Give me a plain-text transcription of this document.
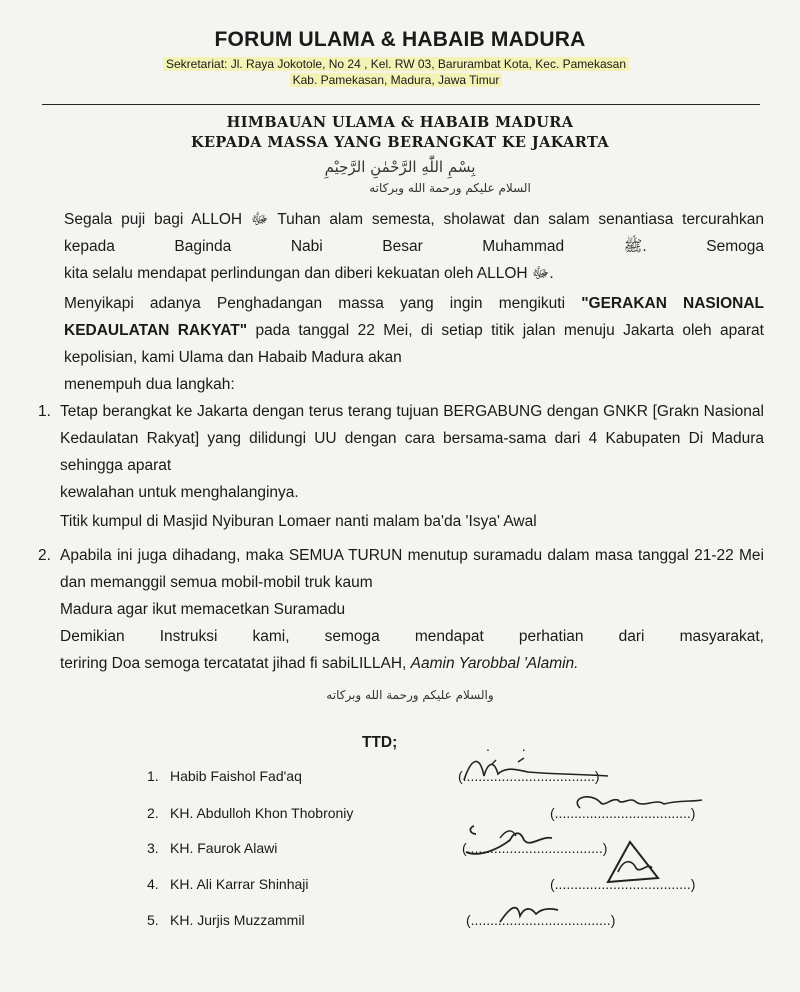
FORUM ULAMA & HABAIB MADURA
Sekretariat: Jl. Raya Jokotole, No 24 , Kel. RW 03, Barurambat Kota, Kec. Pamekasan
Kab. Pamekasan, Madura, Jawa Timur
HIMBAUAN ULAMA & HABAIB MADURA
KEPADA MASSA YANG BERANGKAT KE JAKARTA
بِسْمِ اللّٰهِ الرَّحْمٰنِ الرَّحِيْمِ
السلام عليكم ورحمة الله وبركاته
Segala puji bagi ALLOH ﷻ Tuhan alam semesta, sholawat dan salam senantiasa tercurahkan kepada Baginda Nabi Besar Muhammad ﷺ. Semoga
kita selalu mendapat perlindungan dan diberi kekuatan oleh ALLOH ﷻ.
Menyikapi adanya Penghadangan massa yang ingin mengikuti "GERAKAN NASIONAL KEDAULATAN RAKYAT" pada tanggal 22 Mei, di setiap titik jalan menuju Jakarta oleh aparat kepolisian, kami Ulama dan Habaib Madura akan
menempuh dua langkah:
1. Tetap berangkat ke Jakarta dengan terus terang tujuan BERGABUNG dengan GNKR [Grakn Nasional Kedaulatan Rakyat] yang dilidungi UU dengan cara bersama-sama dari 4 Kabupaten Di Madura sehingga aparat
kewalahan untuk menghalanginya.
Titik kumpul di Masjid Nyiburan Lomaer nanti malam ba'da 'Isya' Awal
2. Apabila ini juga dihadang, maka SEMUA TURUN menutup suramadu dalam masa tanggal 21-22 Mei dan memanggil semua mobil-mobil truk kaum
Madura agar ikut memacetkan Suramadu
Demikian Instruksi kami, semoga mendapat perhatian dari masyarakat,
teriring Doa semoga tercatatat jihad fi sabiLILLAH, Aamin Yarobbal 'Alamin.
والسلام عليكم ورحمة الله وبركاته
TTD;	. .
1. Habib Faishol Fad'aq	(..................................)
2. KH. Abdulloh Khon Thobroniy	(...................................)
3. KH. Faurok Alawi	(...................................)
4. KH. Ali Karrar Shinhaji	(...................................)
5. KH. Jurjis Muzzammil	(....................................)
